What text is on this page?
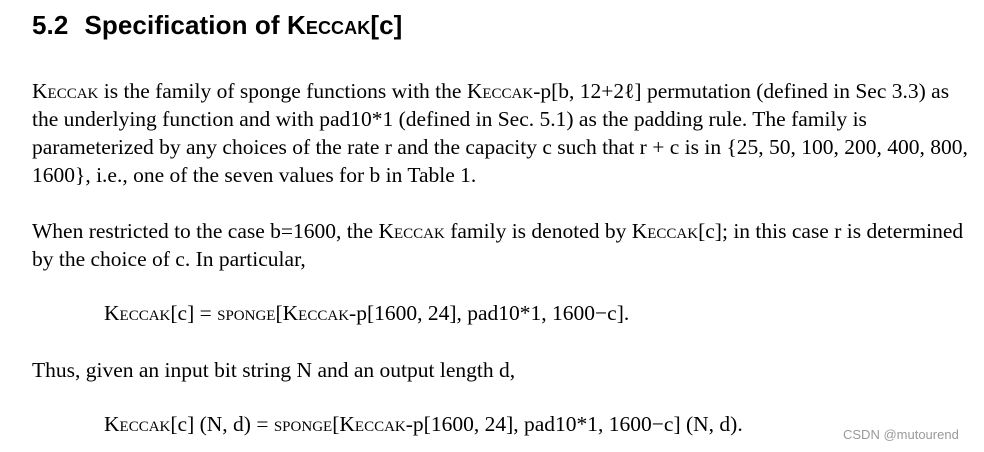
5.2 Specification of Keccak[c]

Keccak is the family of sponge functions with the Keccak-p[b, 12+2ℓ] permutation (defined in Sec 3.3) as the underlying function and with pad10*1 (defined in Sec. 5.1) as the padding rule. The family is parameterized by any choices of the rate r and the capacity c such that r + c is in {25, 50, 100, 200, 400, 800, 1600}, i.e., one of the seven values for b in Table 1.

When restricted to the case b=1600, the Keccak family is denoted by Keccak[c]; in this case r is determined by the choice of c. In particular,

Keccak[c] = sponge[Keccak-p[1600, 24], pad10*1, 1600−c].

Thus, given an input bit string N and an output length d,

Keccak[c] (N, d) = sponge[Keccak-p[1600, 24], pad10*1, 1600−c] (N, d).	CSDN @mutourend
